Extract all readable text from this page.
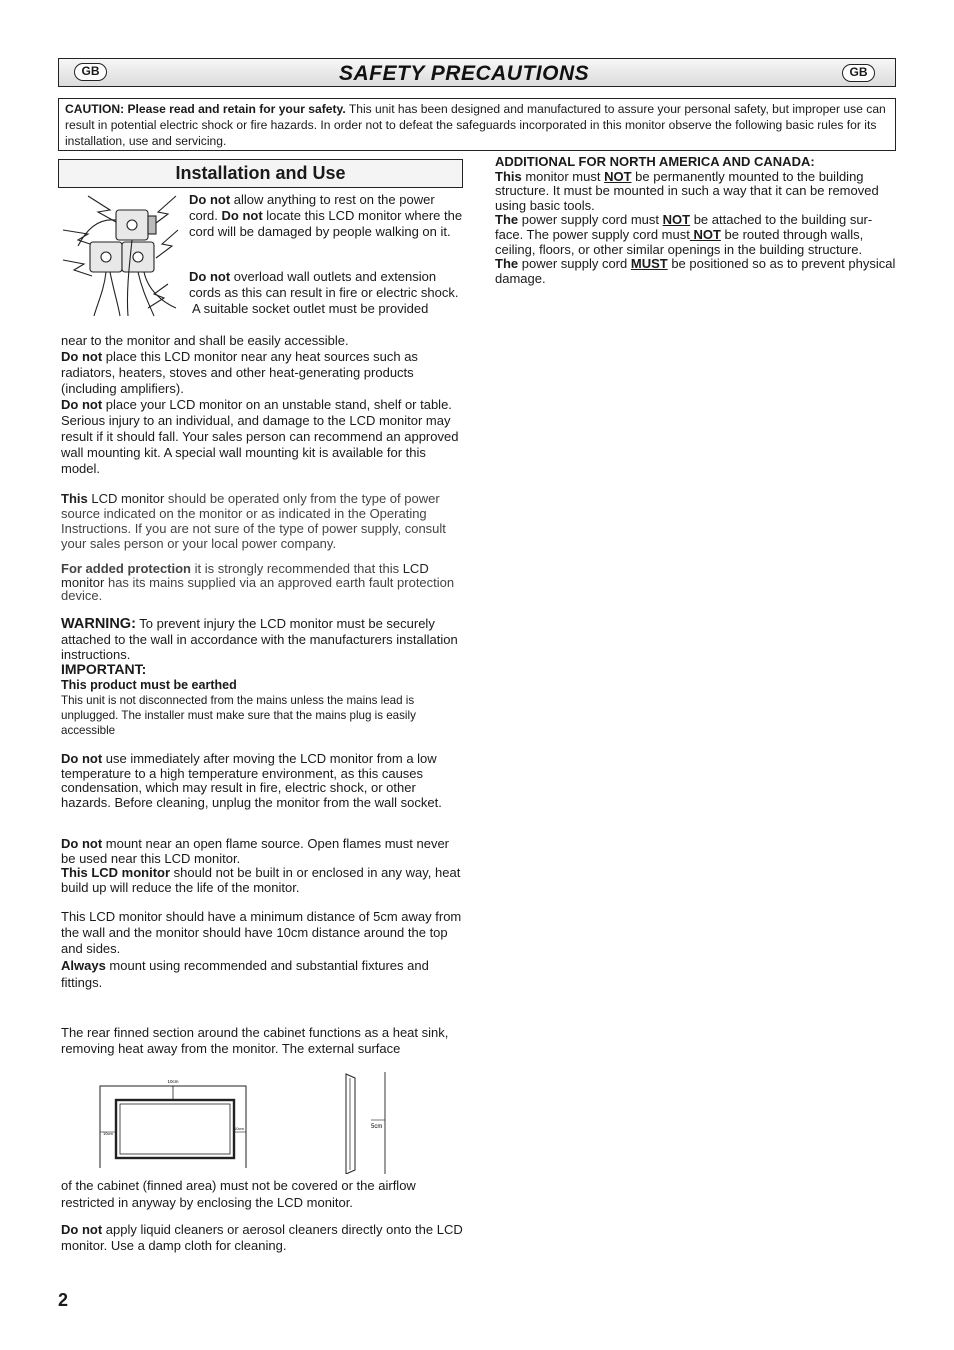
GB	SAFETY PRECAUTIONS	GB
CAUTION: Please read and retain for your safety. This unit has been designed and manufactured to assure your personal safety, but improper use can result in potential electric shock or fire hazards. In order not to defeat the safeguards incorporated in this monitor observe the following basic rules for its installation, use and servicing.
Installation and Use

Do not allow anything to rest on the power cord. Do not locate this LCD monitor where the cord will be damaged by people walking on it.

Do not overload wall outlets and extension cords as this can result in fire or electric shock.

A suitable socket outlet must be provided

near to the monitor and shall be easily accessible.

Do not place this LCD monitor near any heat sources such as radiators, heaters, stoves and other heat-generating products (including amplifiers).

Do not place your LCD monitor on an unstable stand, shelf or table. Serious injury to an individual, and damage to the LCD monitor may result if it should fall. Your sales person can recommend an approved wall mounting kit. A special wall mounting kit is available for this model.

This LCD monitor should be operated only from the type of power source indicated on the monitor or as indicated in the Operating Instructions. If you are not sure of the type of power supply, consult your sales person or your local power company.

For added protection it is strongly recommended that this LCD monitor has its mains supplied via an approved earth fault protection device.

WARNING: To prevent injury the LCD monitor must be securely attached to the wall in accordance with the manufacturers installation instructions.

IMPORTANT:

This product must be earthed

This unit is not disconnected from the mains unless the mains lead is unplugged. The installer must make sure that the mains plug is easily accessible

Do not use immediately after moving the LCD monitor from a low temperature to a high temperature environment, as this causes condensation, which may result in fire, electric shock, or other hazards. Before cleaning, unplug the monitor from the wall socket.

Do not mount near an open flame source. Open flames must never be used near this LCD monitor.

This LCD monitor should not be built in or enclosed in any way, heat build up will reduce the life of the monitor.

This LCD monitor should have a minimum distance of 5cm away from the wall and the monitor should have 10cm distance around the top and sides.

Always mount using recommended and substantial fixtures and fittings.

The rear finned section around the cabinet functions as a heat sink, removing heat away from the monitor. The external surface

10cm
10cm
10cm	5cm

of the cabinet (finned area) must not be covered or the airflow restricted in anyway by enclosing the LCD monitor.

Do not apply liquid cleaners or aerosol cleaners directly onto the LCD monitor. Use a damp cloth for cleaning.

ADDITIONAL FOR NORTH AMERICA AND CANADA:

This monitor must NOT be permanently mounted to the building structure. It must be mounted in such a way that it can be removed using basic tools.

The power supply cord must NOT be attached to the building sur-face. The power supply cord must NOT be routed through walls, ceiling, floors, or other similar openings in the building structure.

The power supply cord MUST be positioned so as to prevent physical damage.

2
